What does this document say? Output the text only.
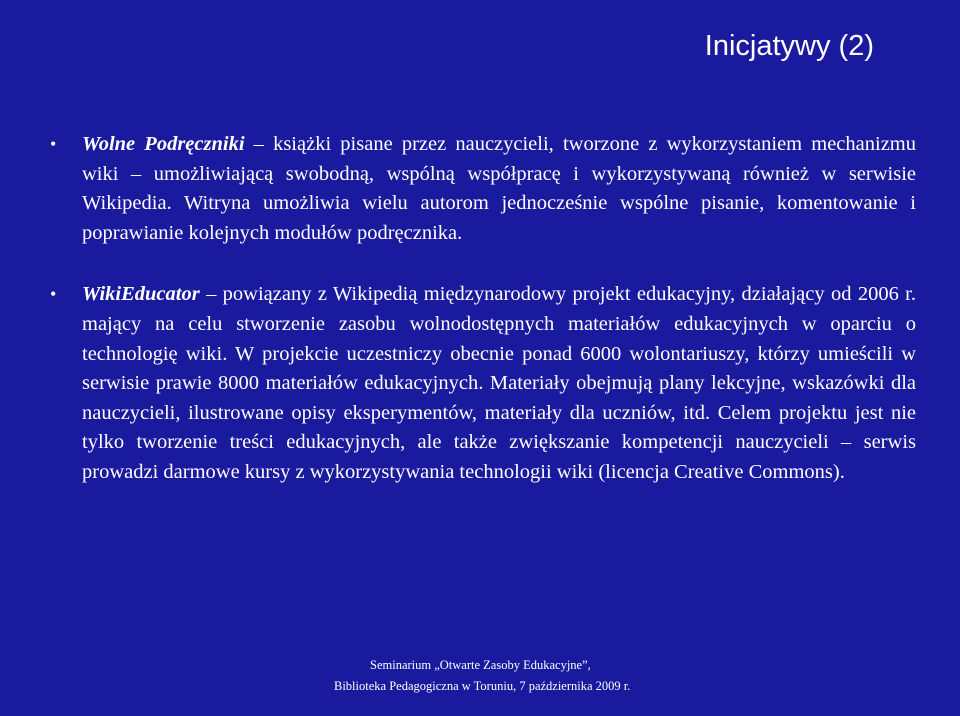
Inicjatywy (2)
• Wolne Podręczniki – książki pisane przez nauczycieli, tworzone z wykorzystaniem mechanizmu wiki – umożliwiającą swobodną, wspólną współpracę i wykorzystywaną również w serwisie Wikipedia. Witryna umożliwia wielu autorom jednocześnie wspólne pisanie, komentowanie i poprawianie kolejnych modułów podręcznika.
• WikiEducator – powiązany z Wikipedią międzynarodowy projekt edukacyjny, działający od 2006 r. mający na celu stworzenie zasobu wolnodostępnych materiałów edukacyjnych w oparciu o technologię wiki. W projekcie uczestniczy obecnie ponad 6000 wolontariuszy, którzy umieścili w serwisie prawie 8000 materiałów edukacyjnych. Materiały obejmują plany lekcyjne, wskazówki dla nauczycieli, ilustrowane opisy eksperymentów, materiały dla uczniów, itd. Celem projektu jest nie tylko tworzenie treści edukacyjnych, ale także zwiększanie kompetencji nauczycieli – serwis prowadzi darmowe kursy z wykorzystywania technologii wiki (licencja Creative Commons).
Seminarium „Otwarte Zasoby Edukacyjne”,
Biblioteka Pedagogiczna w Toruniu, 7 października 2009 r.
